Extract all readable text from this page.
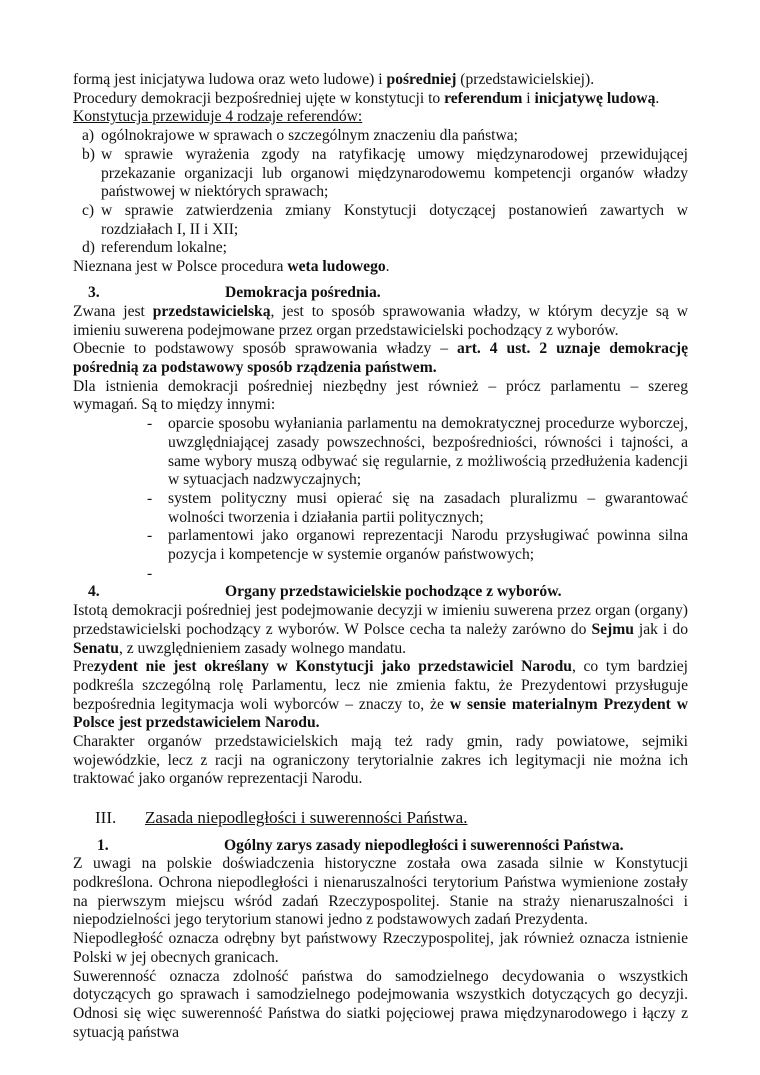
formą jest inicjatywa ludowa oraz weto ludowe) i pośredniej (przedstawicielskiej).

Procedury demokracji bezpośredniej ujęte w konstytucji to referendum i inicjatywę ludową.

Konstytucja przewiduje 4 rodzaje referendów:

a) ogólnokrajowe w sprawach o szczególnym znaczeniu dla państwa;
b) w sprawie wyrażenia zgody na ratyfikację umowy międzynarodowej przewidującej przekazanie organizacji lub organowi międzynarodowemu kompetencji organów władzy państwowej w niektórych sprawach;
c) w sprawie zatwierdzenia zmiany Konstytucji dotyczącej postanowień zawartych w rozdziałach I, II i XII;
d) referendum lokalne;

Nieznana jest w Polsce procedura weta ludowego.

3.	Demokracja pośrednia.

Zwana jest przedstawicielską, jest to sposób sprawowania władzy, w którym decyzje są w imieniu suwerena podejmowane przez organ przedstawicielski pochodzący z wyborów.

Obecnie to podstawowy sposób sprawowania władzy – art. 4 ust. 2 uznaje demokrację pośrednią za podstawowy sposób rządzenia państwem.

Dla istnienia demokracji pośredniej niezbędny jest również – prócz parlamentu – szereg wymagań. Są to między innymi:

- oparcie sposobu wyłaniania parlamentu na demokratycznej procedurze wyborczej, uwzględniającej zasady powszechności, bezpośredniości, równości i tajności, a same wybory muszą odbywać się regularnie, z możliwością przedłużenia kadencji w sytuacjach nadzwyczajnych;
- system polityczny musi opierać się na zasadach pluralizmu – gwarantować wolności tworzenia i działania partii politycznych;
- parlamentowi jako organowi reprezentacji Narodu przysługiwać powinna silna pozycja i kompetencje w systemie organów państwowych;
-
4.	Organy przedstawicielskie pochodzące z wyborów.

Istotą demokracji pośredniej jest podejmowanie decyzji w imieniu suwerena przez organ (organy) przedstawicielski pochodzący z wyborów. W Polsce cecha ta należy zarówno do Sejmu jak i do Senatu, z uwzględnieniem zasady wolnego mandatu.

Prezydent nie jest określany w Konstytucji jako przedstawiciel Narodu, co tym bardziej podkreśla szczególną rolę Parlamentu, lecz nie zmienia faktu, że Prezydentowi przysługuje bezpośrednia legitymacja woli wyborców – znaczy to, że w sensie materialnym Prezydent w Polsce jest przedstawicielem Narodu.

Charakter organów przedstawicielskich mają też rady gmin, rady powiatowe, sejmiki wojewódzkie, lecz z racji na ograniczony terytorialnie zakres ich legitymacji nie można ich traktować jako organów reprezentacji Narodu.

III. Zasada niepodległości i suwerenności Państwa.
1.	Ogólny zarys zasady niepodległości i suwerenności Państwa.

Z uwagi na polskie doświadczenia historyczne została owa zasada silnie w Konstytucji podkreślona. Ochrona niepodległości i nienaruszalności terytorium Państwa wymienione zostały na pierwszym miejscu wśród zadań Rzeczypospolitej. Stanie na straży nienaruszalności i niepodzielności jego terytorium stanowi jedno z podstawowych zadań Prezydenta.

Niepodległość oznacza odrębny byt państwowy Rzeczypospolitej, jak również oznacza istnienie Polski w jej obecnych granicach.

Suwerenność oznacza zdolność państwa do samodzielnego decydowania o wszystkich dotyczących go sprawach i samodzielnego podejmowania wszystkich dotyczących go decyzji. Odnosi się więc suwerenność Państwa do siatki pojęciowej prawa międzynarodowego i łączy z sytuacją państwa
